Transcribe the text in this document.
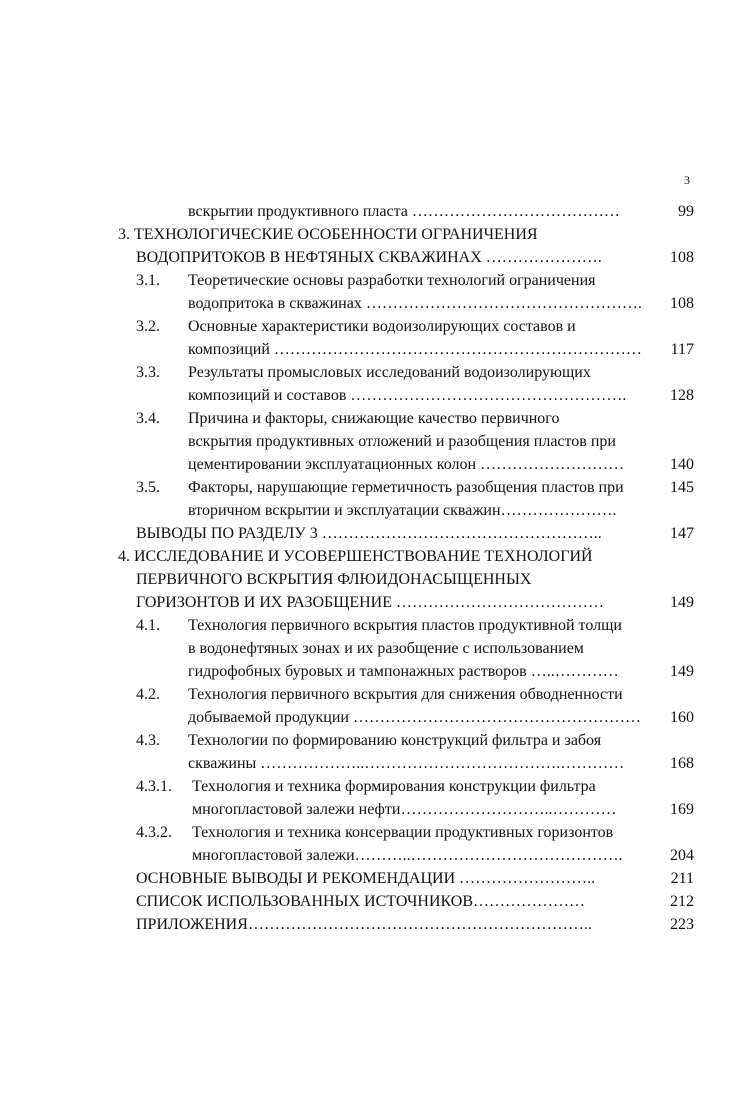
3
вскрытии продуктивного пласта …………………………………	99
3. ТЕХНОЛОГИЧЕСКИЕ ОСОБЕННОСТИ ОГРАНИЧЕНИЯ
ВОДОПРИТОКОВ В НЕФТЯНЫХ СКВАЖИНАХ ………………….	108
3.1.	Теоретические основы разработки технологий ограничения
водопритока в скважинах …………………………………………….	108
3.2.	Основные характеристики водоизолирующих составов и
композиций ……………………………………………………………	117
3.3.	Результаты промысловых исследований водоизолирующих
композиций и составов …………………………………………….	128
3.4.	Причина и факторы, снижающие качество первичного
вскрытия продуктивных отложений и разобщения пластов при
цементировании эксплуатационных колон ………………………	140
3.5.	Факторы, нарушающие герметичность разобщения пластов при	145
вторичном вскрытии и эксплуатации скважин………………….
ВЫВОДЫ ПО РАЗДЕЛУ 3 ……………………………………………..	147
4. ИССЛЕДОВАНИЕ И УСОВЕРШЕНСТВОВАНИЕ ТЕХНОЛОГИЙ
ПЕРВИЧНОГО ВСКРЫТИЯ ФЛЮИДОНАСЫЩЕННЫХ
ГОРИЗОНТОВ И ИХ РАЗОБЩЕНИЕ …………………………………	149
4.1.	Технология первичного вскрытия пластов продуктивной толщи
в водонефтяных зонах и их разобщение с использованием
гидрофобных буровых и тампонажных растворов …..…………	149
4.2.	Технология первичного вскрытия для снижения обводненности
добываемой продукции ………………………………………………	160
4.3.	Технологии по формированию конструкций фильтра и забоя
скважины ………………..……………………………….…………	168
4.3.1.	Технология и техника формирования конструкции фильтра
многопластовой залежи нефти………………………..…………	169
4.3.2.	Технология и техника консервации продуктивных горизонтов
многопластовой залежи………..………………………………….	204
ОСНОВНЫЕ ВЫВОДЫ И РЕКОМЕНДАЦИИ ……………………..	211
СПИСОК ИСПОЛЬЗОВАННЫХ ИСТОЧНИКОВ…………………	212
ПРИЛОЖЕНИЯ………………………………………………………..	223
